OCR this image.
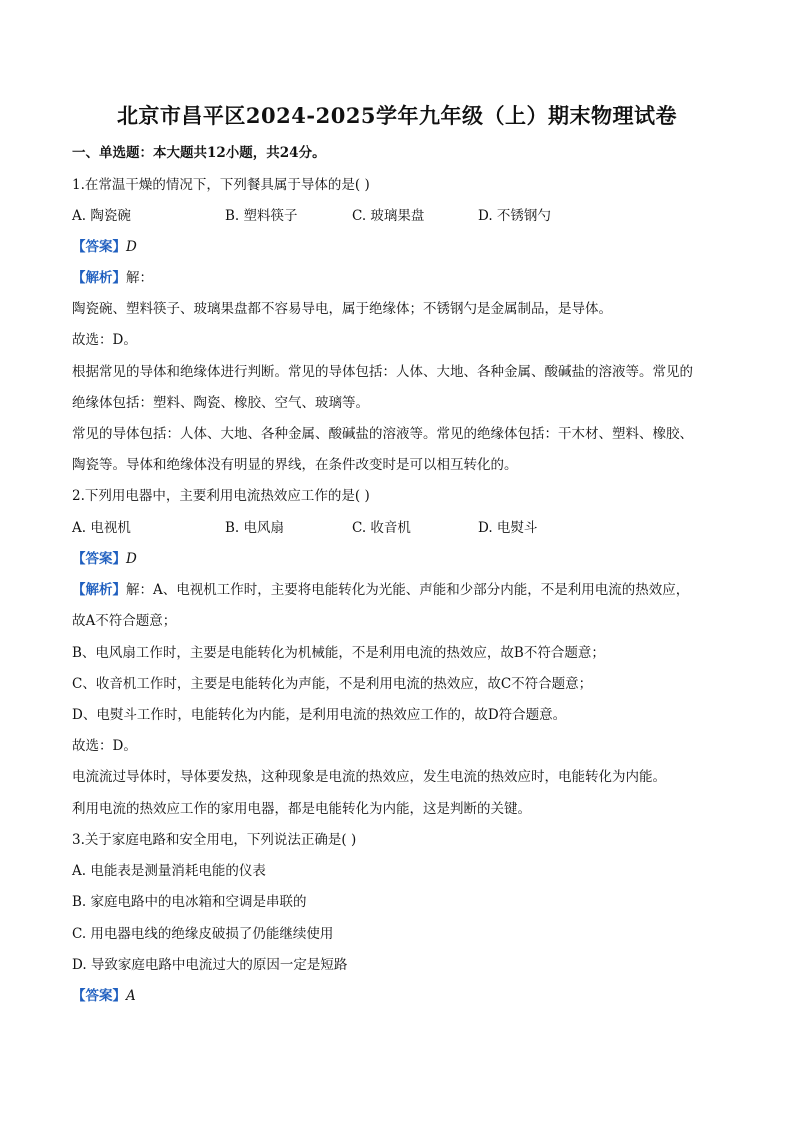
北京市昌平区2024-2025学年九年级（上）期末物理试卷
一、单选题：本大题共12小题，共24分。
1.在常温干燥的情况下，下列餐具属于导体的是( )
A. 陶瓷碗	B. 塑料筷子	C. 玻璃果盘	D. 不锈钢勺
【答案】D
【解析】解：
陶瓷碗、塑料筷子、玻璃果盘都不容易导电，属于绝缘体；不锈钢勺是金属制品，是导体。
故选：D。
根据常见的导体和绝缘体进行判断。常见的导体包括：人体、大地、各种金属、酸碱盐的溶液等。常见的
绝缘体包括：塑料、陶瓷、橡胶、空气、玻璃等。
常见的导体包括：人体、大地、各种金属、酸碱盐的溶液等。常见的绝缘体包括：干木材、塑料、橡胶、
陶瓷等。导体和绝缘体没有明显的界线，在条件改变时是可以相互转化的。
2.下列用电器中，主要利用电流热效应工作的是( )
A. 电视机	B. 电风扇	C. 收音机	D. 电熨斗
【答案】D
【解析】解：A、电视机工作时，主要将电能转化为光能、声能和少部分内能，不是利用电流的热效应，
故A不符合题意；
B、电风扇工作时，主要是电能转化为机械能，不是利用电流的热效应，故B不符合题意；
C、收音机工作时，主要是电能转化为声能，不是利用电流的热效应，故C不符合题意；
D、电熨斗工作时，电能转化为内能，是利用电流的热效应工作的，故D符合题意。
故选：D。
电流流过导体时，导体要发热，这种现象是电流的热效应，发生电流的热效应时，电能转化为内能。
利用电流的热效应工作的家用电器，都是电能转化为内能，这是判断的关键。
3.关于家庭电路和安全用电，下列说法正确是( )
A. 电能表是测量消耗电能的仪表
B. 家庭电路中的电冰箱和空调是串联的
C. 用电器电线的绝缘皮破损了仍能继续使用
D. 导致家庭电路中电流过大的原因一定是短路
【答案】A
